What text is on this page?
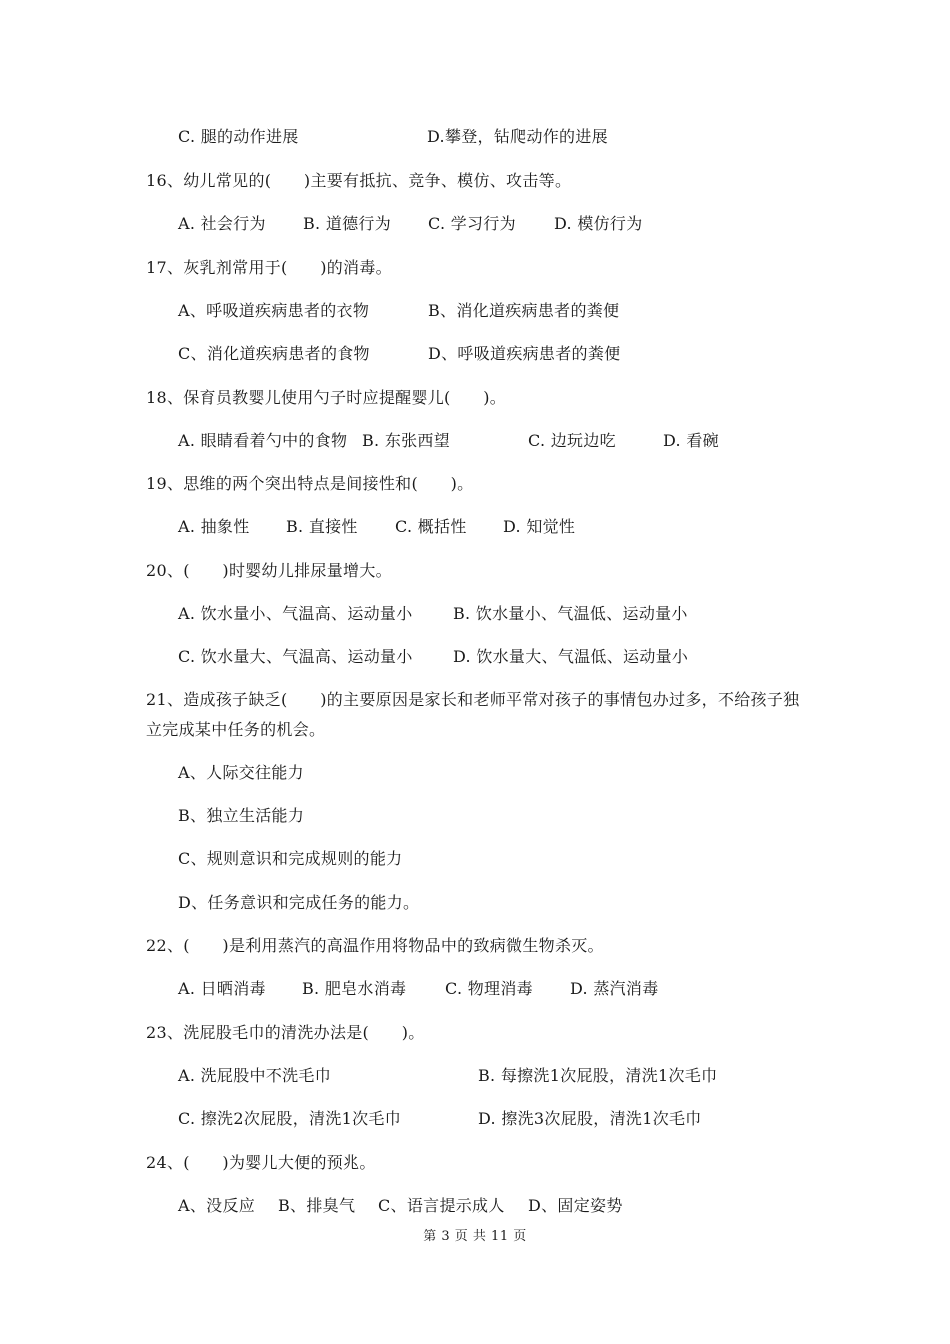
C. 腿的动作进展	D.攀登，钻爬动作的进展
16、幼儿常见的(　　)主要有抵抗、竞争、模仿、攻击等。
A. 社会行为 B. 道德行为 C. 学习行为 D. 模仿行为
17、灰乳剂常用于(　　)的消毒。
A、呼吸道疾病患者的衣物	B、消化道疾病患者的粪便
C、消化道疾病患者的食物	D、呼吸道疾病患者的粪便
18、保育员教婴儿使用勺子时应提醒婴儿(　　)。
A. 眼睛看着勺中的食物 B. 东张西望	C. 边玩边吃	D. 看碗
19、思维的两个突出特点是间接性和(　　)。
A. 抽象性 B. 直接性 C. 概括性 D. 知觉性
20、(　　)时婴幼儿排尿量增大。
A. 饮水量小、气温高、运动量小	B. 饮水量小、气温低、运动量小
C. 饮水量大、气温高、运动量小	D. 饮水量大、气温低、运动量小
21、造成孩子缺乏(　　)的主要原因是家长和老师平常对孩子的事情包办过多，不给孩子独
立完成某中任务的机会。
A、人际交往能力
B、独立生活能力
C、规则意识和完成规则的能力
D、任务意识和完成任务的能力。
22、(　　)是利用蒸汽的高温作用将物品中的致病微生物杀灭。
A. 日晒消毒 B. 肥皂水消毒 C. 物理消毒 D. 蒸汽消毒
23、洗屁股毛巾的清洗办法是(　　)。
A. 洗屁股中不洗毛巾	B. 每擦洗1次屁股，清洗1次毛巾
C. 擦洗2次屁股，清洗1次毛巾	D. 擦洗3次屁股，清洗1次毛巾
24、(　　)为婴儿大便的预兆。
A、没反应 B、排臭气 C、语言提示成人 D、固定姿势
第 3 页 共 11 页
